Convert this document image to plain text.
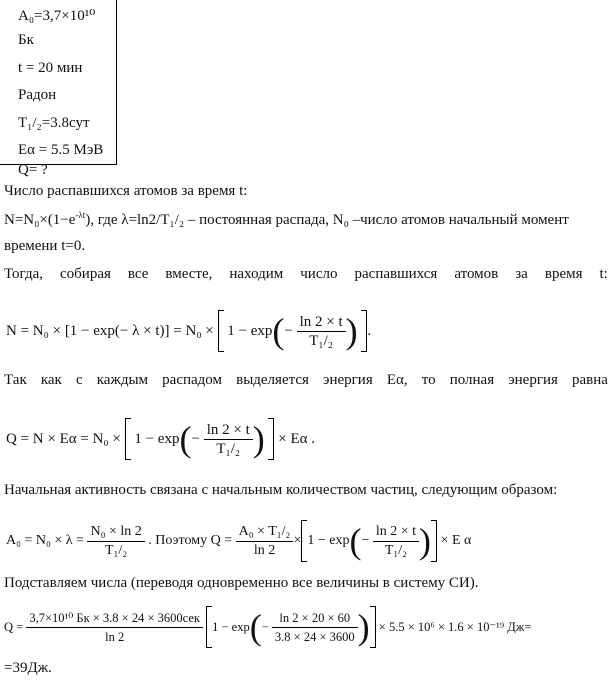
A₀=3,7×10¹⁰
Бк
t = 20 мин
Радон
T₁/₂=3.8сут
Eα = 5.5 МэВ
Q= ?
Число распавшихся атомов за время t:
$N=N_0\times(1-e^{-\lambda t})$, где λ=ln2/T₁/₂ – постоянная распада, N₀ –число атомов начальный момент
времени t=0.
Тогда, собирая все вместе, находим число распавшихся атомов за время t:
$N = N_0 \times [1 - \exp(- \lambda \times t)] = N_0 \times 1 - \exp(- \frac{\ln 2 \times t}{\text{T₁/₂}}$ ) .
Так как с каждым распадом выделяется энергия Eα, то полная энергия равна
$Q = N \times E\alpha = N_0 \times 1 - \exp(- \frac{\ln 2 \times t}{\text{T₁/₂}}$ ) × Eα .
Начальная активность связана с начальным количеством частиц, следующим образом:
$A_0 = N_0 \times \lambda = \frac{\text{N₀ × ln 2}}{\text{T₁/₂}}$ . Поэтому $Q = \frac{\text{A₀ × T₁/₂}}{\ln 2} \times 1 - \exp(- \frac{\ln 2 \times t}{\text{T₁/₂}}$ ) × E α
Подставляем числа (переводя одновременно все величины в систему СИ).
$Q = \frac{\text{3,7×10¹⁰ Бк × 3.8 × 24 × 3600сек}}{\ln 2} 1 - \exp(- \frac{\ln 2 \times 20 \times 60}{3.8 \times 24 \times 3600}$ ) × 5.5 × 10⁶ × 1.6 × 10⁻¹⁹ Дж=
=39Дж.
